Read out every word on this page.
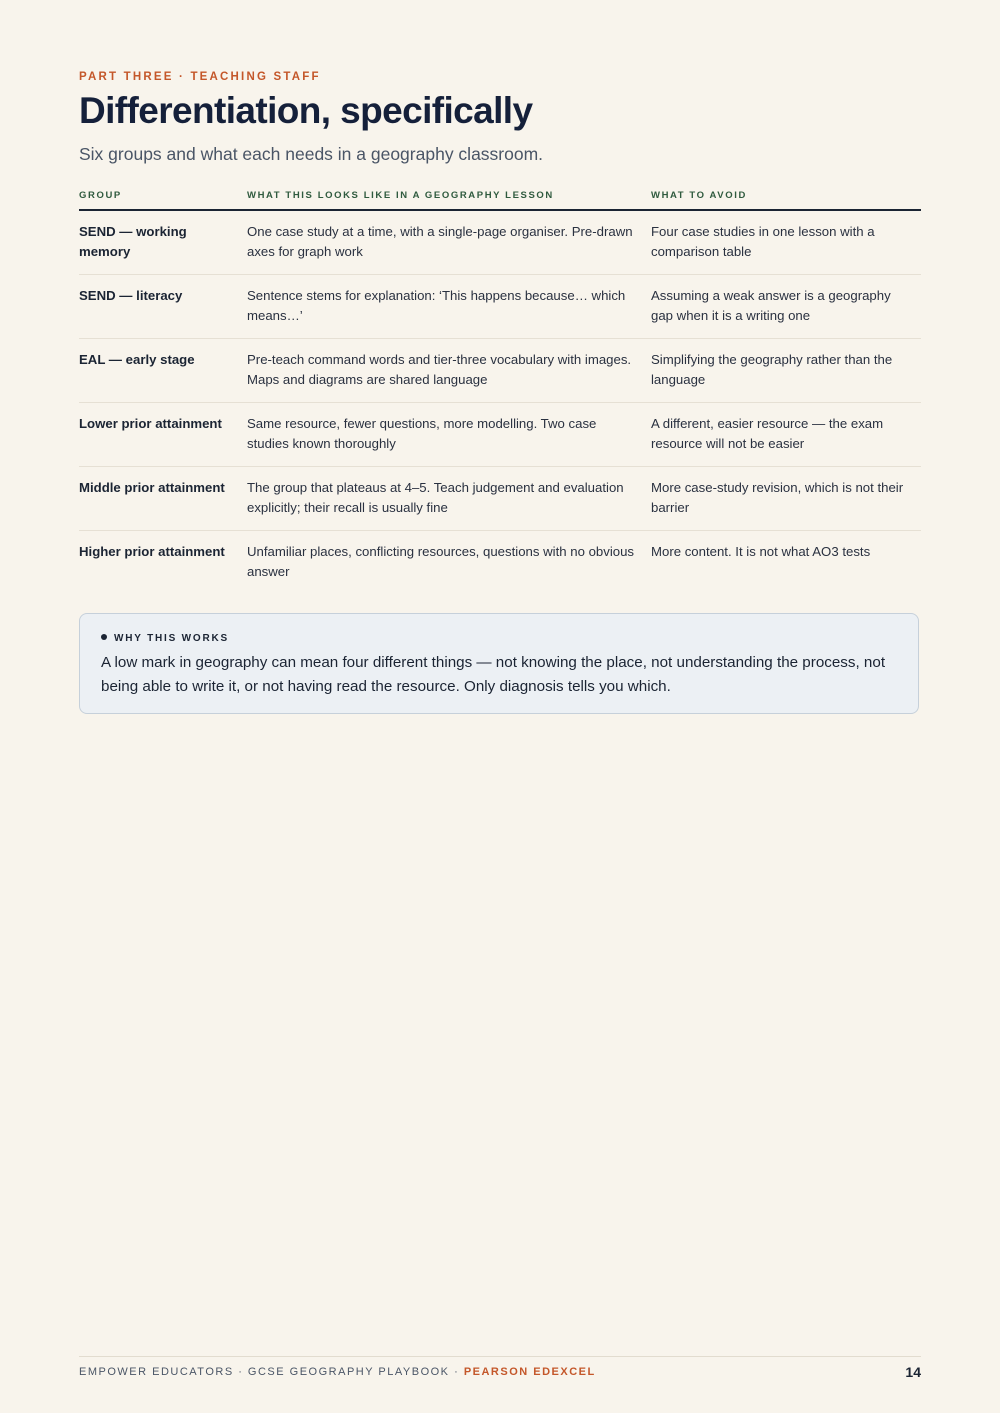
PART THREE · TEACHING STAFF
Differentiation, specifically
Six groups and what each needs in a geography classroom.
GROUP	WHAT THIS LOOKS LIKE IN A GEOGRAPHY LESSON	WHAT TO AVOID
SEND — working memory	One case study at a time, with a single-page organiser. Pre-drawn axes for graph work	Four case studies in one lesson with a comparison table
SEND — literacy	Sentence stems for explanation: ‘This happens because… which means…’	Assuming a weak answer is a geography gap when it is a writing one
EAL — early stage	Pre-teach command words and tier-three vocabulary with images. Maps and diagrams are shared language	Simplifying the geography rather than the language
Lower prior attainment	Same resource, fewer questions, more modelling. Two case studies known thoroughly	A different, easier resource — the exam resource will not be easier
Middle prior attainment	The group that plateaus at 4–5. Teach judgement and evaluation explicitly; their recall is usually fine	More case-study revision, which is not their barrier
Higher prior attainment	Unfamiliar places, conflicting resources, questions with no obvious answer	More content. It is not what AO3 tests
WHY THIS WORKS
A low mark in geography can mean four different things — not knowing the place, not understanding the process, not being able to write it, or not having read the resource. Only diagnosis tells you which.
EMPOWER EDUCATORS · GCSE GEOGRAPHY PLAYBOOK · PEARSON EDEXCEL	14
